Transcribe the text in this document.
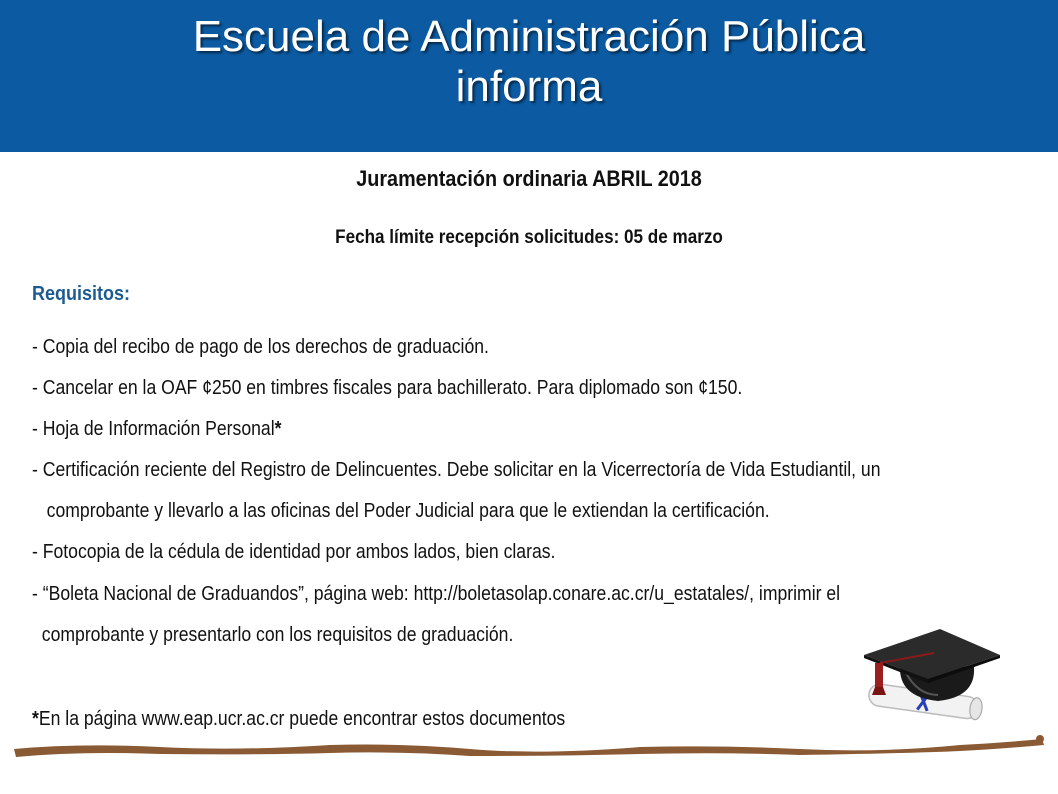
Escuela de Administración Pública
informa
Juramentación ordinaria ABRIL 2018
Fecha límite recepción solicitudes: 05 de marzo
Requisitos:
- Copia del recibo de pago de los derechos de graduación.
- Cancelar en la OAF ¢250 en timbres fiscales para bachillerato. Para diplomado son ¢150.
- Hoja de Información Personal*
- Certificación reciente del Registro de Delincuentes. Debe solicitar en la Vicerrectoría de Vida Estudiantil, un
comprobante y llevarlo a las oficinas del Poder Judicial para que le extiendan la certificación.
- Fotocopia de la cédula de identidad por ambos lados, bien claras.
- “Boleta Nacional de Graduandos”, página web: http://boletasolap.conare.ac.cr/u_estatales/, imprimir el
comprobante y presentarlo con los requisitos de graduación.
*En la página www.eap.ucr.ac.cr puede encontrar estos documentos
